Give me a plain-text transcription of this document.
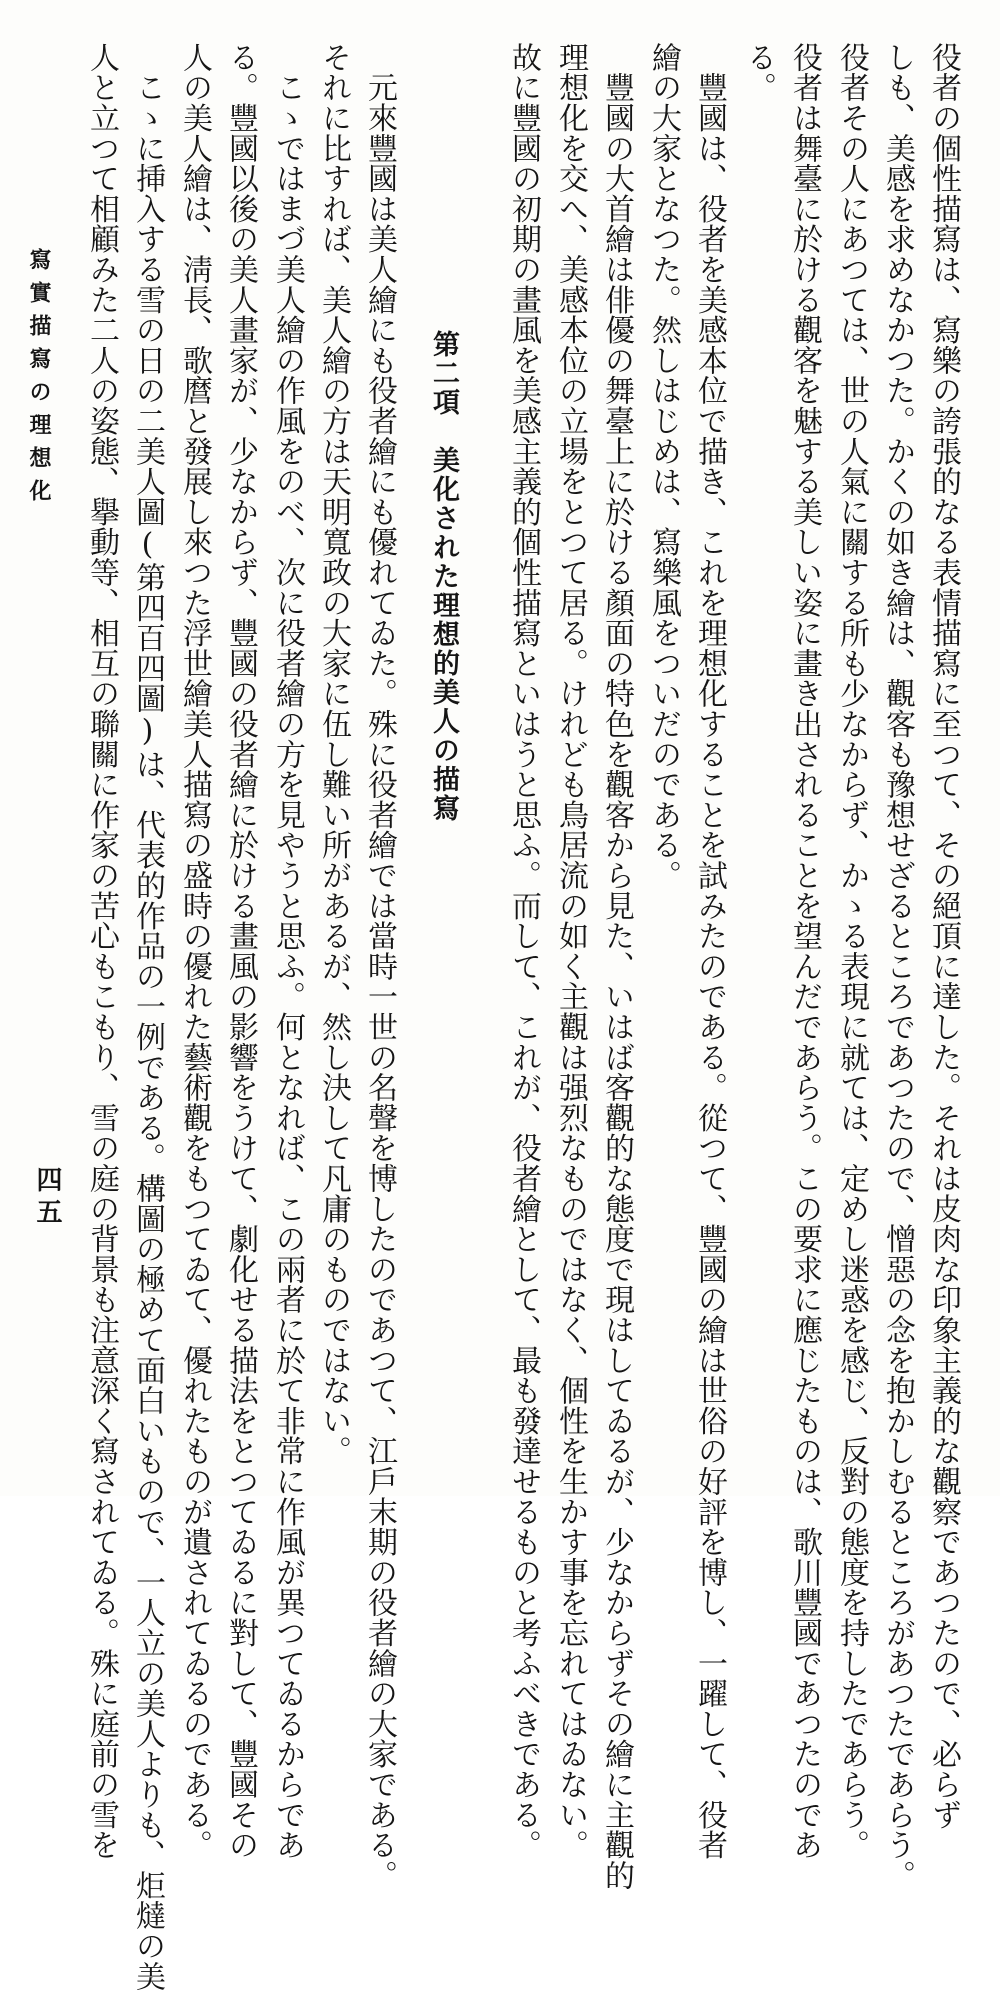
役者の個性描寫は、寫樂の誇張的なる表情描寫に至つて、その絕頂に達した。それは皮肉な印象主義的な觀察であつたので、必らず
しも、美感を求めなかつた。かくの如き繪は、觀客も豫想せざるところであつたので、憎惡の念を抱かしむるところがあつたであらう。
役者その人にあつては、世の人氣に關する所も少なからず、かゝる表現に就ては、定めし迷惑を感じ、反對の態度を持したであらう。
役者は舞臺に於ける觀客を魅する美しい姿に畫き出されることを望んだであらう。この要求に應じたものは、歌川豐國であつたのであ
る。
　豐國は、役者を美感本位で描き、これを理想化することを試みたのである。從つて、豐國の繪は世俗の好評を博し、一躍して、役者
繪の大家となつた。然しはじめは、寫樂風をついだのである。
　豐國の大首繪は俳優の舞臺上に於ける顏面の特色を觀客から見た、いはば客觀的な態度で現はしてゐるが、少なからずその繪に主觀的
理想化を交へ、美感本位の立場をとつて居る。けれども鳥居流の如く主觀は强烈なものではなく、個性を生かす事を忘れてはゐない。
故に豐國の初期の畫風を美感主義的個性描寫といはうと思ふ。而して、これが、役者繪として、最も發達せるものと考ふべきである。
第二項　美化された理想的美人の描寫
　元來豐國は美人繪にも役者繪にも優れてゐた。殊に役者繪では當時一世の名聲を博したのであつて、江戶末期の役者繪の大家である。
それに比すれば、美人繪の方は天明寬政の大家に伍し難い所があるが、然し決して凡庸のものではない。
　こゝではまづ美人繪の作風をのべ、次に役者繪の方を見やうと思ふ。何となれば、この兩者に於て非常に作風が異つてゐるからであ
る。豐國以後の美人畫家が、少なからず、豐國の役者繪に於ける畫風の影響をうけて、劇化せる描法をとつてゐるに對して、豐國その
人の美人繪は、淸長、歌麿と發展し來つた浮世繪美人描寫の盛時の優れた藝術觀をもつてゐて、優れたものが遺されてゐるのである。
　こゝに挿入する雪の日の二美人圖(第四百四圖)は、代表的作品の一例である。構圖の極めて面白いもので、一人立の美人よりも、炬燵の美
人と立つて相顧みた二人の姿態、擧動等、相互の聯關に作家の苦心もこもり、雪の庭の背景も注意深く寫されてゐる。殊に庭前の雪を
寫實描寫の理想化
四五
